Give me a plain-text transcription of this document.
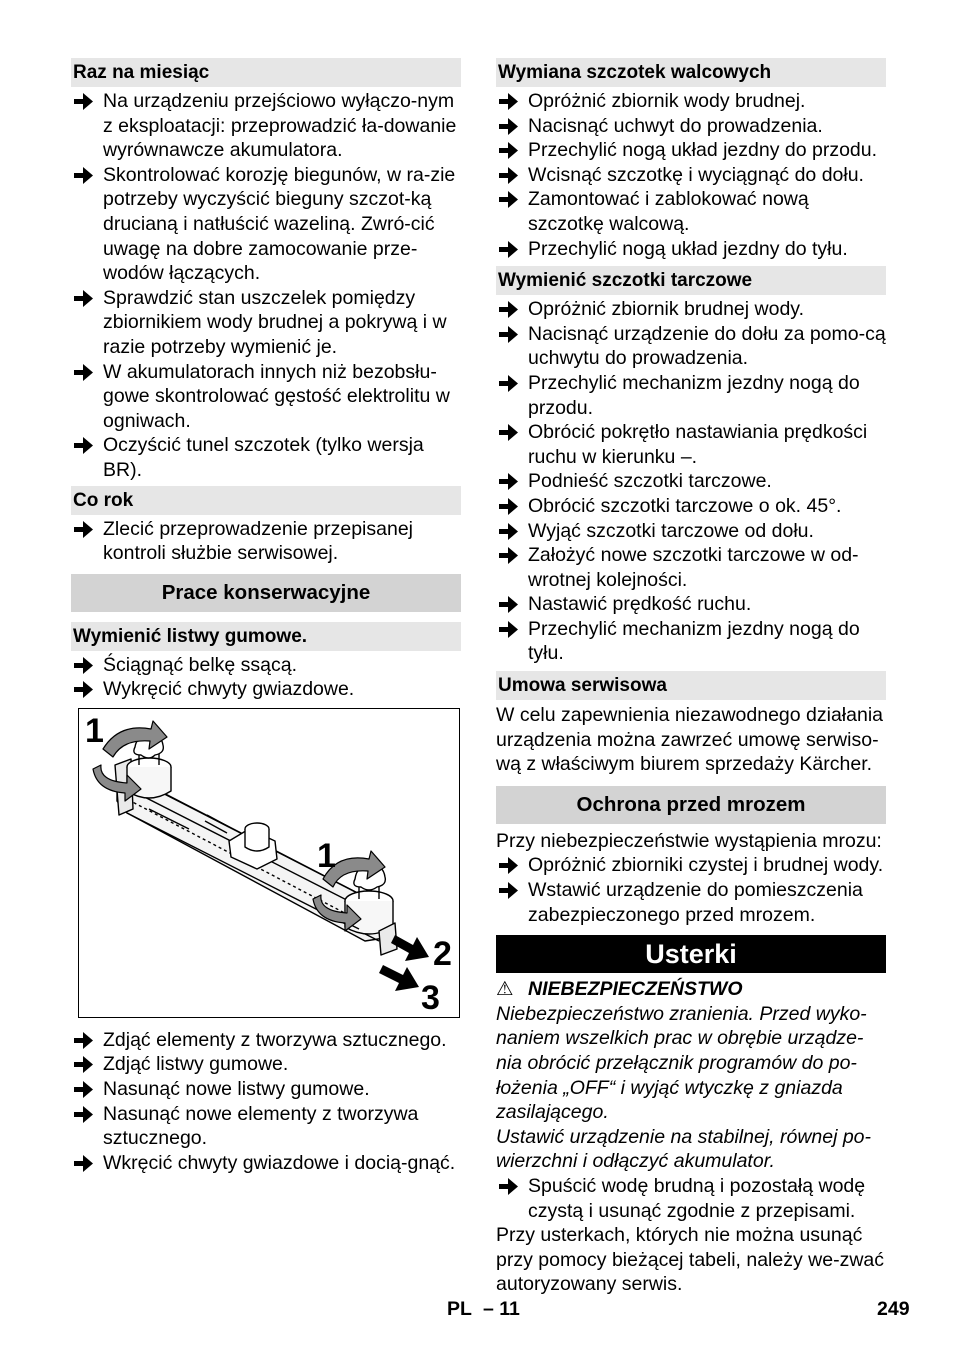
Raz na miesiąc
Na urządzeniu przejściowo wyłączo-nym z eksploatacji: przeprowadzić ła-dowanie wyrównawcze akumulatora.
Skontrolować korozję biegunów, w ra-zie potrzeby wyczyścić bieguny szczot-ką drucianą i natłuścić wazeliną. Zwró-cić uwagę na dobre zamocowanie prze-wodów łączących.
Sprawdzić stan uszczelek pomiędzy zbiornikiem wody brudnej a pokrywą i w razie potrzeby wymienić je.
W akumulatorach innych niż bezobsłu-gowe skontrolować gęstość elektrolitu w ogniwach.
Oczyścić tunel szczotek (tylko wersja BR).
Co rok
Zlecić przeprowadzenie przepisanej kontroli służbie serwisowej.
Prace konserwacyjne
Wymienić listwy gumowe.
Ściągnąć belkę ssącą.
Wykręcić chwyty gwiazdowe.
1
1
2
3
Zdjąć elementy z tworzywa sztucznego.
Zdjąć listwy gumowe.
Nasunąć nowe listwy gumowe.
Nasunąć nowe elementy z tworzywa sztucznego.
Wkręcić chwyty gwiazdowe i docią-gnąć.
Wymiana szczotek walcowych
Opróżnić zbiornik wody brudnej.
Nacisnąć uchwyt do prowadzenia.
Przechylić nogą układ jezdny do przodu.
Wcisnąć szczotkę i wyciągnąć do dołu.
Zamontować i zablokować nową szczotkę walcową.
Przechylić nogą układ jezdny do tyłu.
Wymienić szczotki tarczowe
Opróżnić zbiornik brudnej wody.
Nacisnąć urządzenie do dołu za pomo-cą uchwytu do prowadzenia.
Przechylić mechanizm jezdny nogą do przodu.
Obrócić pokrętło nastawiania prędkości ruchu w kierunku –.
Podnieść szczotki tarczowe.
Obrócić szczotki tarczowe o ok. 45°.
Wyjąć szczotki tarczowe od dołu.
Założyć nowe szczotki tarczowe w od-wrotnej kolejności.
Nastawić prędkość ruchu.
Przechylić mechanizm jezdny nogą do tyłu.
Umowa serwisowa

W celu zapewnienia niezawodnego działania urządzenia można zawrzeć umowę serwiso-wą z właściwym biurem sprzedaży Kärcher.

Ochrona przed mrozem

Przy niebezpieczeństwie wystąpienia mrozu:

Opróżnić zbiorniki czystej i brudnej wody.
Wstawić urządzenie do pomieszczenia zabezpieczonego przed mrozem.
Usterki

⚠ NIEBEZPIECZEŃSTWO

Niebezpieczeństwo zranienia. Przed wyko-naniem wszelkich prac w obrębie urządze-nia obrócić przełącznik programów do po-łożenia „OFF“ i wyjąć wtyczkę z gniazda zasilającego.

Ustawić urządzenie na stabilnej, równej po-wierzchni i odłączyć akumulator.

Spuścić wodę brudną i pozostałą wodę czystą i usunąć zgodnie z przepisami.

Przy usterkach, których nie można usunąć przy pomocy bieżącej tabeli, należy we-zwać autoryzowany serwis.

PL – 11	249
